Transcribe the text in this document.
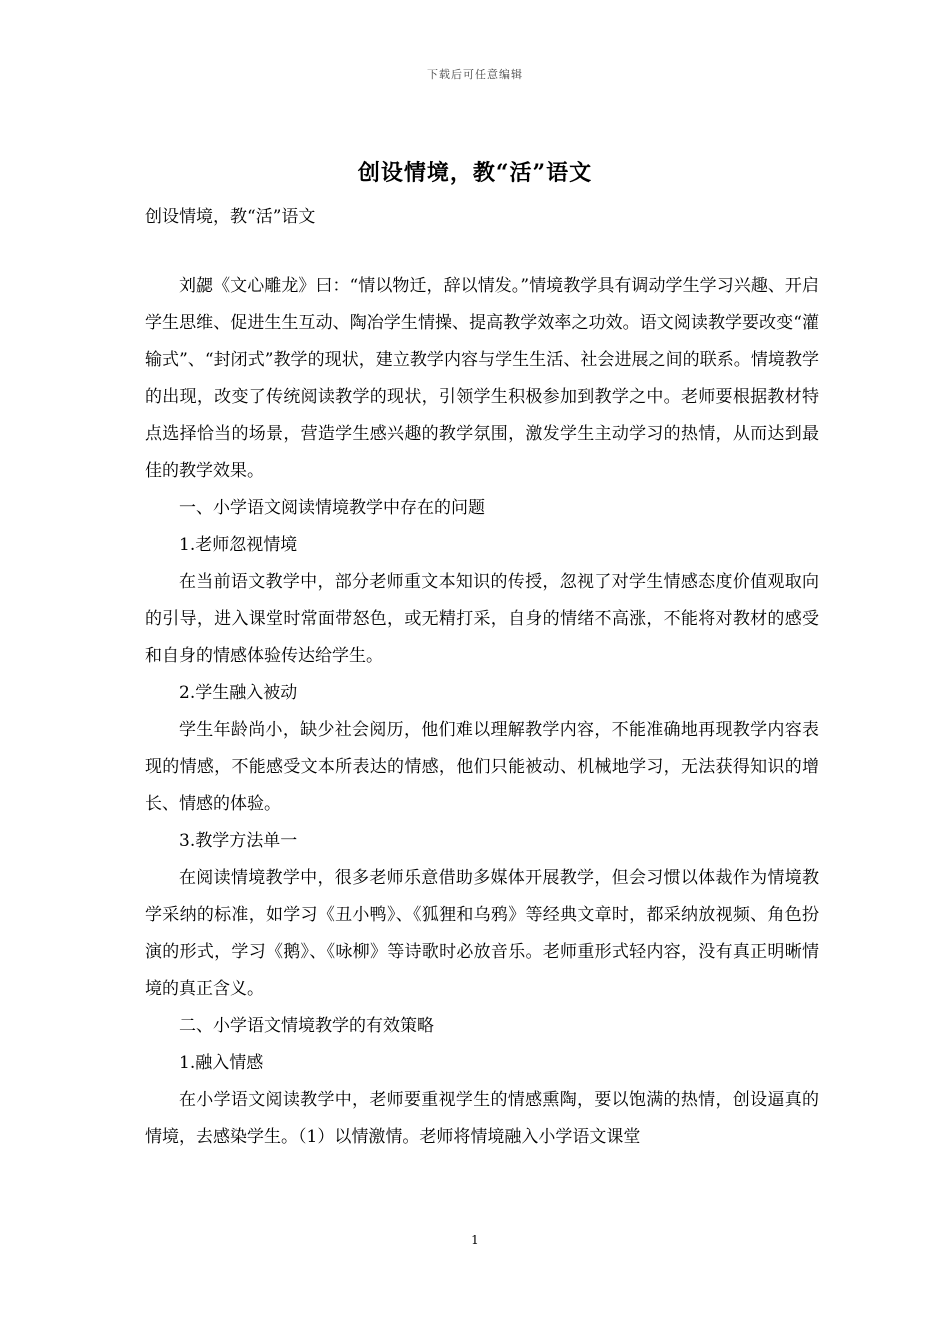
下载后可任意编辑
创设情境，教“活”语文
创设情境，教“活”语文

刘勰《文心雕龙》曰：“情以物迁，辞以情发。”情境教学具有调动学生学习兴趣、开启学生思维、促进生生互动、陶冶学生情操、提高教学效率之功效。语文阅读教学要改变“灌输式”、“封闭式”教学的现状，建立教学内容与学生生活、社会进展之间的联系。情境教学的出现，改变了传统阅读教学的现状，引领学生积极参加到教学之中。老师要根据教材特点选择恰当的场景，营造学生感兴趣的教学氛围，激发学生主动学习的热情，从而达到最佳的教学效果。

一、小学语文阅读情境教学中存在的问题

1.老师忽视情境

在当前语文教学中，部分老师重文本知识的传授，忽视了对学生情感态度价值观取向的引导，进入课堂时常面带怒色，或无精打采，自身的情绪不高涨，不能将对教材的感受和自身的情感体验传达给学生。

2.学生融入被动

学生年龄尚小，缺少社会阅历，他们难以理解教学内容，不能准确地再现教学内容表现的情感，不能感受文本所表达的情感，他们只能被动、机械地学习，无法获得知识的增长、情感的体验。

3.教学方法单一

在阅读情境教学中，很多老师乐意借助多媒体开展教学，但会习惯以体裁作为情境教学采纳的标准，如学习《丑小鸭》、《狐狸和乌鸦》等经典文章时，都采纳放视频、角色扮演的形式，学习《鹅》、《咏柳》等诗歌时必放音乐。老师重形式轻内容，没有真正明晰情境的真正含义。

二、小学语文情境教学的有效策略

1.融入情感

在小学语文阅读教学中，老师要重视学生的情感熏陶，要以饱满的热情，创设逼真的情境，去感染学生。（1）以情激情。老师将情境融入小学语文课堂

1
